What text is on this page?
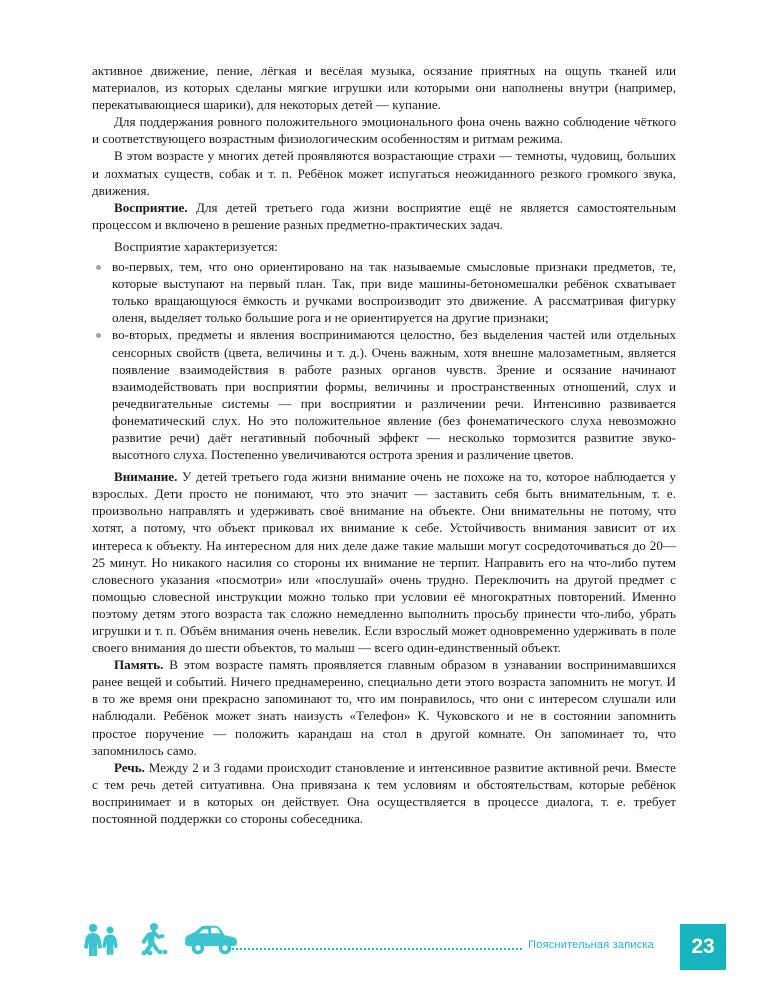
активное движение, пение, лёгкая и весёлая музыка, осязание приятных на ощупь тканей или материалов, из которых сделаны мягкие игрушки или которыми они наполнены внутри (например, перекатывающиеся шарики), для некоторых детей — купание.

Для поддержания ровного положительного эмоционального фона очень важно соблюдение чёткого и соответствующего возрастным физиологическим особенностям и ритмам режима.

В этом возрасте у многих детей проявляются возрастающие страхи — темноты, чудовищ, больших и лохматых существ, собак и т. п. Ребёнок может испугаться неожиданного резкого громкого звука, движения.

Восприятие. Для детей третьего года жизни восприятие ещё не является самостоятельным процессом и включено в решение разных предметно-практических задач.

Восприятие характеризуется:

во-первых, тем, что оно ориентировано на так называемые смысловые признаки предметов, те, которые выступают на первый план. Так, при виде машины-бетономешалки ребёнок схватывает только вращающуюся ёмкость и ручками воспроизводит это движение. А рассматривая фигурку оленя, выделяет только большие рога и не ориентируется на другие признаки;
во-вторых, предметы и явления воспринимаются целостно, без выделения частей или отдельных сенсорных свойств (цвета, величины и т. д.). Очень важным, хотя внешне малозаметным, является появление взаимодействия в работе разных органов чувств. Зрение и осязание начинают взаимодействовать при восприятии формы, величины и пространственных отношений, слух и речедвигательные системы — при восприятии и различении речи. Интенсивно развивается фонематический слух. Но это положительное явление (без фонематического слуха невозможно развитие речи) даёт негативный побочный эффект — несколько тормозится развитие звуко-высотного слуха. Постепенно увеличиваются острота зрения и различение цветов.

Внимание. У детей третьего года жизни внимание очень не похоже на то, которое наблюдается у взрослых. Дети просто не понимают, что это значит — заставить себя быть внимательным, т. е. произвольно направлять и удерживать своё внимание на объекте. Они внимательны не потому, что хотят, а потому, что объект приковал их внимание к себе. Устойчивость внимания зависит от их интереса к объекту. На интересном для них деле даже такие малыши могут сосредоточиваться до 20—25 минут. Но никакого насилия со стороны их внимание не терпит. Направить его на что-либо путем словесного указания «посмотри» или «послушай» очень трудно. Переключить на другой предмет с помощью словесной инструкции можно только при условии её многократных повторений. Именно поэтому детям этого возраста так сложно немедленно выполнить просьбу принести что-либо, убрать игрушки и т. п. Объём внимания очень невелик. Если взрослый может одновременно удерживать в поле своего внимания до шести объектов, то малыш — всего один-единственный объект.

Память. В этом возрасте память проявляется главным образом в узнавании воспринимавшихся ранее вещей и событий. Ничего преднамеренно, специально дети этого возраста запомнить не могут. И в то же время они прекрасно запоминают то, что им понравилось, что они с интересом слушали или наблюдали. Ребёнок может знать наизусть «Телефон» К. Чуковского и не в состоянии запомнить простое поручение — положить карандаш на стол в другой комнате. Он запоминает то, что запомнилось само.

Речь. Между 2 и 3 годами происходит становление и интенсивное развитие активной речи. Вместе с тем речь детей ситуативна. Она привязана к тем условиям и обстоятельствам, которые ребёнок воспринимает и в которых он действует. Она осуществляется в процессе диалога, т. е. требует постоянной поддержки со стороны собеседника.

Пояснительная записка	23
